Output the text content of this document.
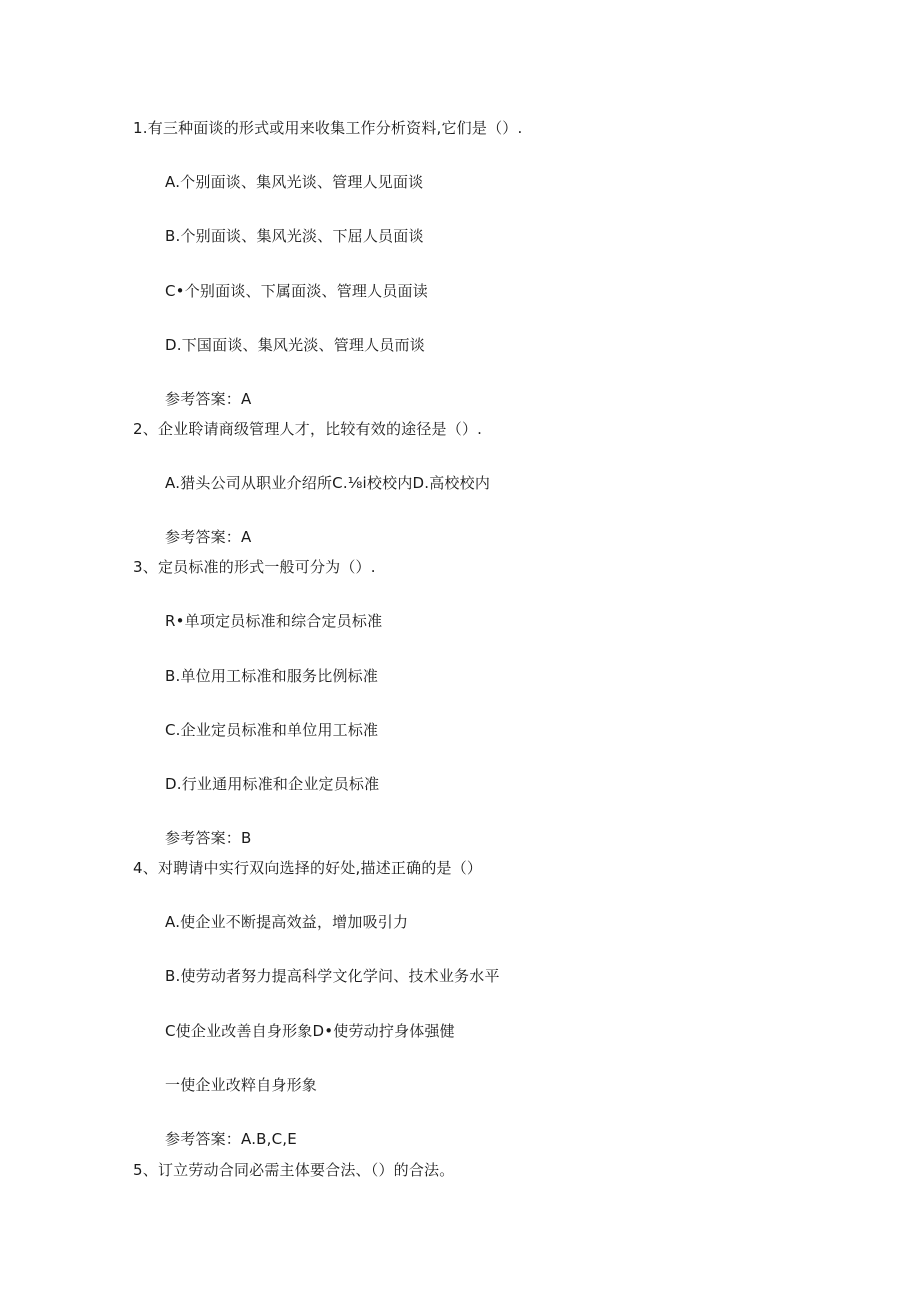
1.有三种面谈的形式或用来收集工作分析资料,它们是（）.
A.个别面谈、集风光谈、管理人见面谈
B.个别面谈、集风光淡、下屈人员面谈
C•个别面谈、下属面淡、管理人员面读
D.下国面谈、集风光淡、管理人员而谈
参考答案：A
2、企业聆请商级管理人才，比较有效的途径是（）.
A.猎头公司从职业介绍所C.⅛i校校内D.高校校内
参考答案：A
3、定员标准的形式一般可分为（）.
R•单项定员标准和综合定员标准
B.单位用工标准和服务比例标准
C.企业定员标准和单位用工标准
D.行业通用标准和企业定员标准
参考答案：B
4、对聘请中实行双向选择的好处,描述正确的是（）
A.使企业不断提高效益，增加吸引力
B.使劳动者努力提高科学文化学问、技术业务水平
C使企业改善自身形象D•使劳动拧身体强健
一使企业改粹自身形象
参考答案：A.B,C,E
5、订立劳动合同必需主体要合法、（）的合法。
